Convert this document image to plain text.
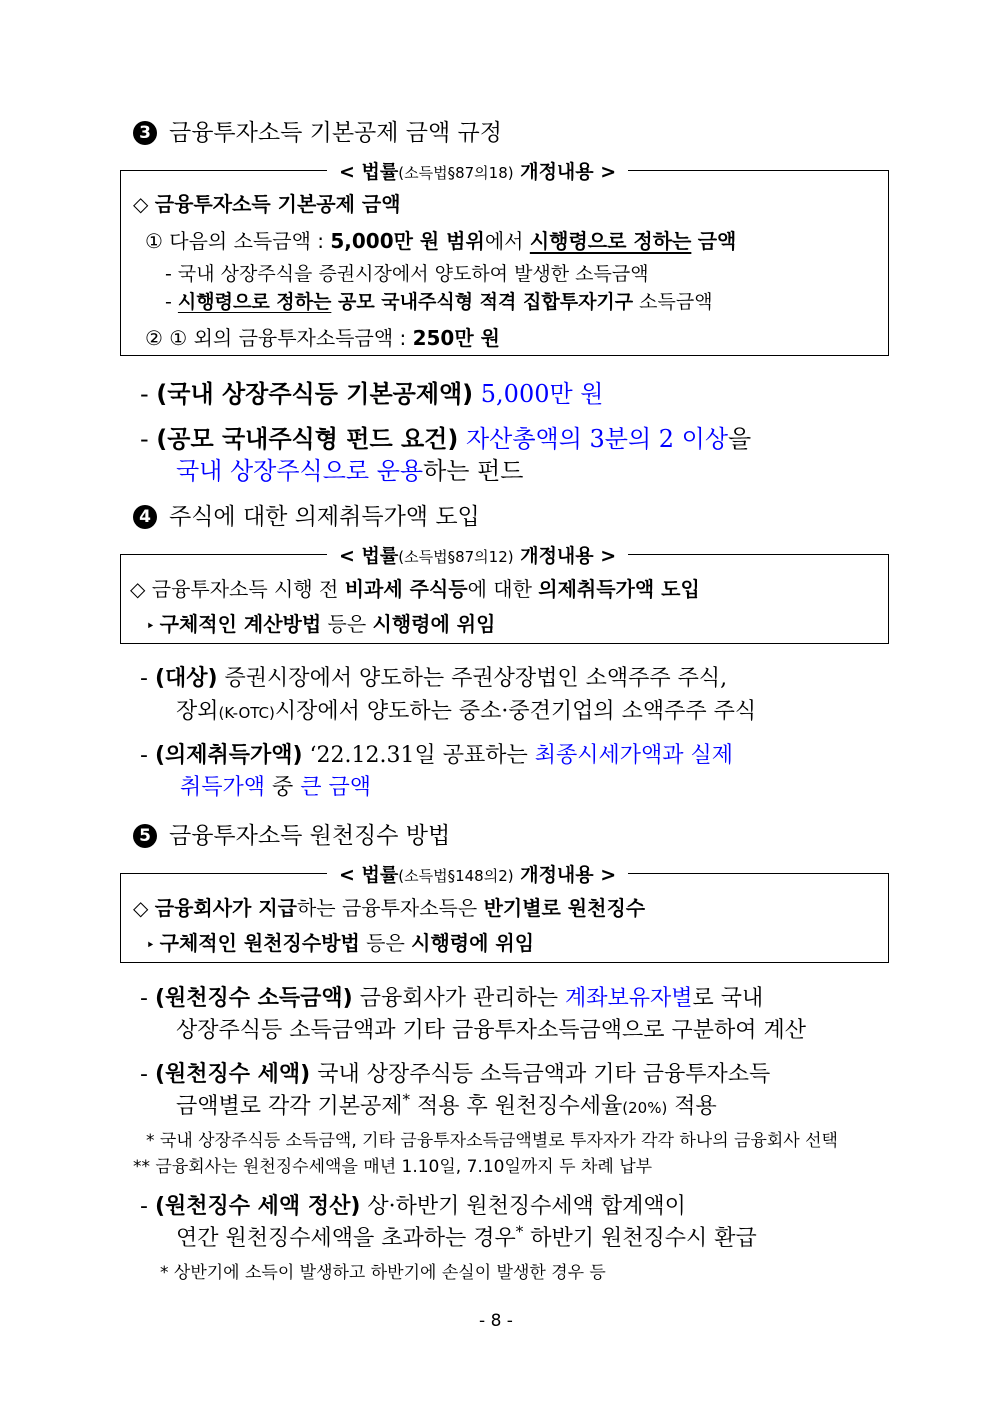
3 금융투자소득 기본공제 금액 규정
< 법률(소득법§87의18) 개정내용 >
◇ 금융투자소득 기본공제 금액
① 다음의 소득금액 : 5,000만 원 범위에서 시행령으로 정하는 금액
- 국내 상장주식을 증권시장에서 양도하여 발생한 소득금액
- 시행령으로 정하는 공모 국내주식형 적격 집합투자기구 소득금액
② ① 외의 금융투자소득금액 : 250만 원
- (국내 상장주식등 기본공제액) 5,000만 원
- (공모 국내주식형 펀드 요건) 자산총액의 3분의 2 이상을
국내 상장주식으로 운용하는 펀드
4 주식에 대한 의제취득가액 도입
< 법률(소득법§87의12) 개정내용 >
◇ 금융투자소득 시행 전 비과세 주식등에 대한 의제취득가액 도입
‣ 구체적인 계산방법 등은 시행령에 위임
- (대상) 증권시장에서 양도하는 주권상장법인 소액주주 주식,
장외(K-OTC)시장에서 양도하는 중소·중견기업의 소액주주 주식
- (의제취득가액) ‘22.12.31일 공표하는 최종시세가액과 실제
취득가액 중 큰 금액
5 금융투자소득 원천징수 방법
< 법률(소득법§148의2) 개정내용 >
◇ 금융회사가 지급하는 금융투자소득은 반기별로 원천징수
‣ 구체적인 원천징수방법 등은 시행령에 위임
- (원천징수 소득금액) 금융회사가 관리하는 계좌보유자별로 국내
상장주식등 소득금액과 기타 금융투자소득금액으로 구분하여 계산
- (원천징수 세액) 국내 상장주식등 소득금액과 기타 금융투자소득
금액별로 각각 기본공제* 적용 후 원천징수세율(20%) 적용
* 국내 상장주식등 소득금액, 기타 금융투자소득금액별로 투자자가 각각 하나의 금융회사 선택
** 금융회사는 원천징수세액을 매년 1.10일, 7.10일까지 두 차례 납부
- (원천징수 세액 정산) 상·하반기 원천징수세액 합계액이
연간 원천징수세액을 초과하는 경우* 하반기 원천징수시 환급
* 상반기에 소득이 발생하고 하반기에 손실이 발생한 경우 등
- 8 -
